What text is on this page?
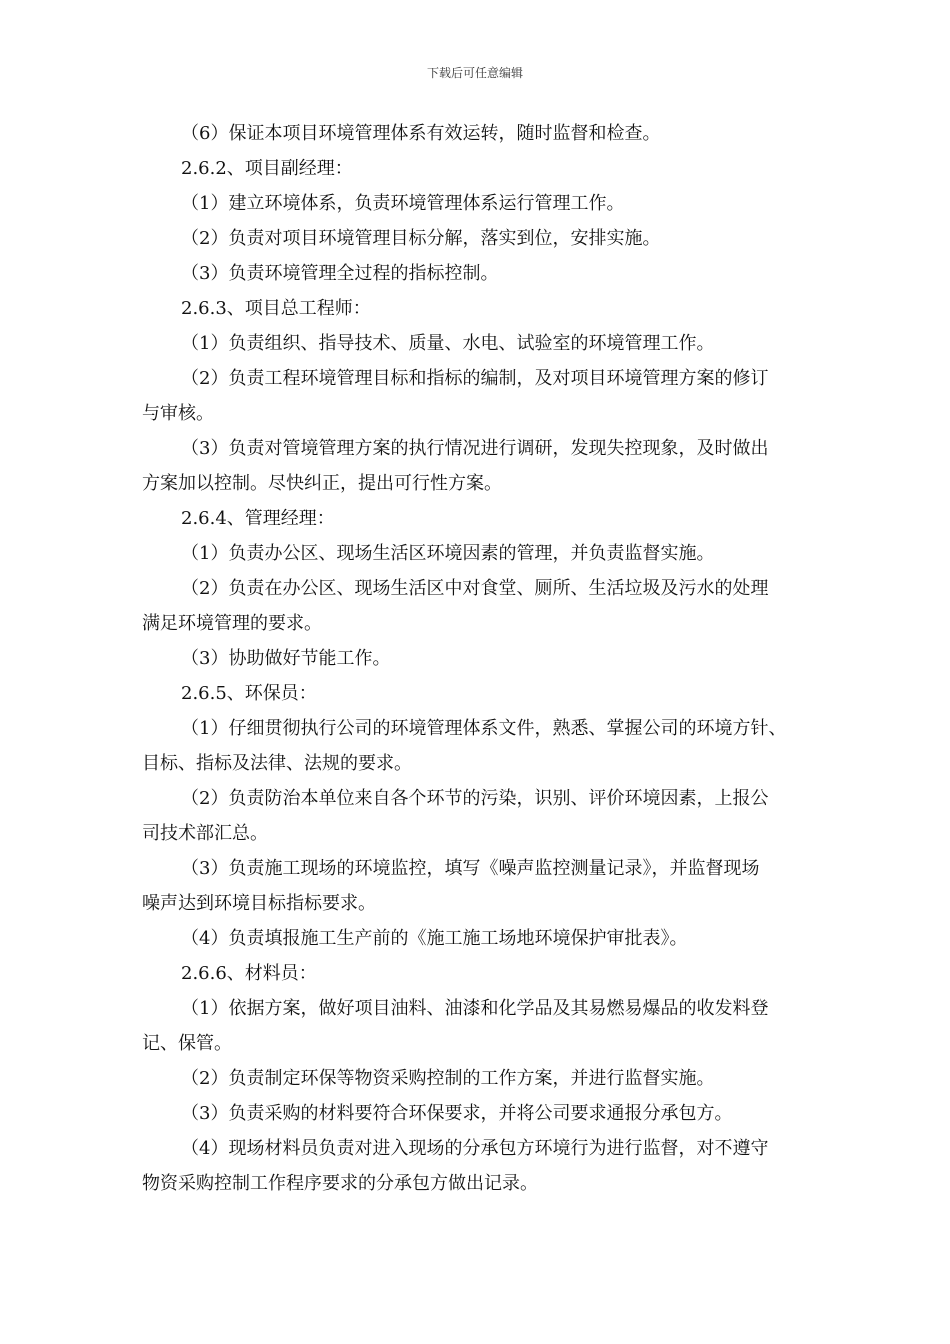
下载后可任意编辑
（6）保证本项目环境管理体系有效运转，随时监督和检查。
2.6.2、项目副经理：
（1）建立环境体系，负责环境管理体系运行管理工作。
（2）负责对项目环境管理目标分解，落实到位，安排实施。
（3）负责环境管理全过程的指标控制。
2.6.3、项目总工程师：
（1）负责组织、指导技术、质量、水电、试验室的环境管理工作。
（2）负责工程环境管理目标和指标的编制，及对项目环境管理方案的修订
与审核。
（3）负责对管境管理方案的执行情况进行调研，发现失控现象，及时做出
方案加以控制。尽快纠正，提出可行性方案。
2.6.4、管理经理：
（1）负责办公区、现场生活区环境因素的管理，并负责监督实施。
（2）负责在办公区、现场生活区中对食堂、厕所、生活垃圾及污水的处理
满足环境管理的要求。
（3）协助做好节能工作。
2.6.5、环保员：
（1）仔细贯彻执行公司的环境管理体系文件，熟悉、掌握公司的环境方针、
目标、指标及法律、法规的要求。
（2）负责防治本单位来自各个环节的污染，识别、评价环境因素，上报公
司技术部汇总。
（3）负责施工现场的环境监控，填写《噪声监控测量记录》，并监督现场
噪声达到环境目标指标要求。
（4）负责填报施工生产前的《施工施工场地环境保护审批表》。
2.6.6、材料员：
（1）依据方案，做好项目油料、油漆和化学品及其易燃易爆品的收发料登
记、保管。
（2）负责制定环保等物资采购控制的工作方案，并进行监督实施。
（3）负责采购的材料要符合环保要求，并将公司要求通报分承包方。
（4）现场材料员负责对进入现场的分承包方环境行为进行监督，对不遵守
物资采购控制工作程序要求的分承包方做出记录。
